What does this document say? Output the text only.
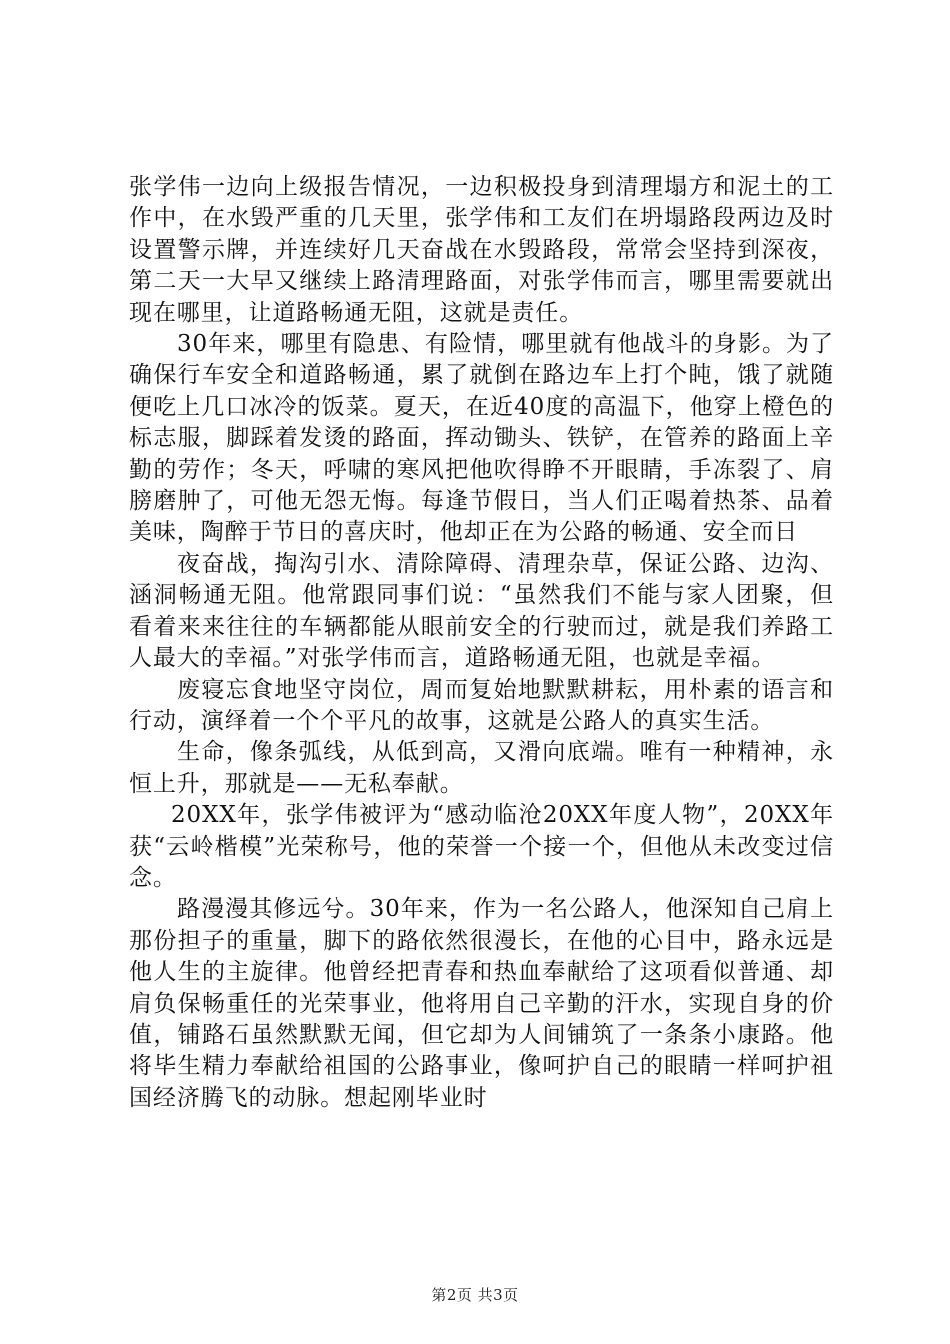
张学伟一边向上级报告情况，一边积极投身到清理塌方和泥土的工作中，在水毁严重的几天里，张学伟和工友们在坍塌路段两边及时设置警示牌，并连续好几天奋战在水毁路段，常常会坚持到深夜，第二天一大早又继续上路清理路面，对张学伟而言，哪里需要就出现在哪里，让道路畅通无阻，这就是责任。

30年来，哪里有隐患、有险情，哪里就有他战斗的身影。为了确保行车安全和道路畅通，累了就倒在路边车上打个盹，饿了就随便吃上几口冰冷的饭菜。夏天，在近40度的高温下，他穿上橙色的标志服，脚踩着发烫的路面，挥动锄头、铁铲，在管养的路面上辛勤的劳作；冬天，呼啸的寒风把他吹得睁不开眼睛，手冻裂了、肩膀磨肿了，可他无怨无悔。每逢节假日，当人们正喝着热茶、品着美味，陶醉于节日的喜庆时，他却正在为公路的畅通、安全而日

夜奋战，掏沟引水、清除障碍、清理杂草，保证公路、边沟、涵洞畅通无阻。他常跟同事们说：“虽然我们不能与家人团聚，但看着来来往往的车辆都能从眼前安全的行驶而过，就是我们养路工人最大的幸福。”对张学伟而言，道路畅通无阻，也就是幸福。

废寝忘食地坚守岗位，周而复始地默默耕耘，用朴素的语言和行动，演绎着一个个平凡的故事，这就是公路人的真实生活。

生命，像条弧线，从低到高，又滑向底端。唯有一种精神，永恒上升，那就是——无私奉献。

20XX年，张学伟被评为“感动临沧20XX年度人物”，20XX年获“云岭楷模”光荣称号，他的荣誉一个接一个，但他从未改变过信念。

路漫漫其修远兮。30年来，作为一名公路人，他深知自己肩上那份担子的重量，脚下的路依然很漫长，在他的心目中，路永远是他人生的主旋律。他曾经把青春和热血奉献给了这项看似普通、却肩负保畅重任的光荣事业，他将用自己辛勤的汗水，实现自身的价值，铺路石虽然默默无闻，但它却为人间铺筑了一条条小康路。他将毕生精力奉献给祖国的公路事业，像呵护自己的眼睛一样呵护祖国经济腾飞的动脉。想起刚毕业时

第2页 共3页
